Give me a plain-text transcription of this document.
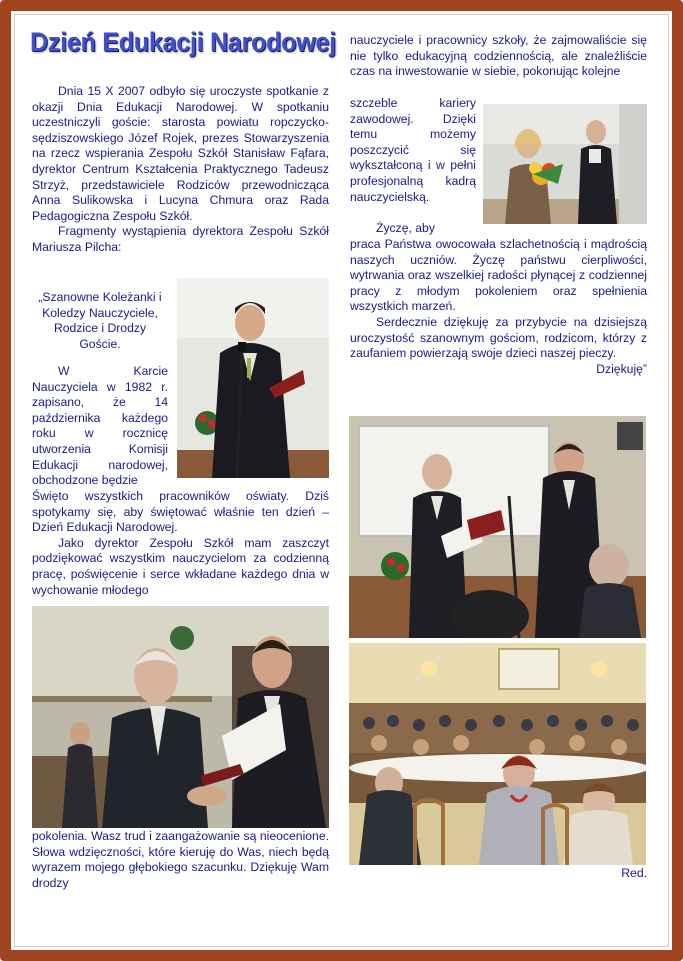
Dzień Edukacji Narodowej

Dnia 15 X 2007 odbyło się uroczyste spotkanie z okazji Dnia Edukacji Narodowej. W spotkaniu uczestniczyli goście: starosta powiatu ropczycko-sędziszowskiego Józef Rojek, prezes Stowarzyszenia na rzecz wspierania Zespołu Szkół Stanisław Fąfara, dyrektor Centrum Kształcenia Praktycznego Tadeusz Strzyż, przedstawiciele Rodziców przewodnicząca Anna Sulikowska i Lucyna Chmura oraz Rada Pedagogiczna Zespołu Szkół.

Fragmenty wystąpienia dyrektora Zespołu Szkół Mariusza Pilcha:

„Szanowne Koleżanki i Koledzy Nauczyciele, Rodzice i Drodzy Goście.

W Karcie Nauczyciela w 1982 r. zapisano, że 14 października każdego roku w rocznicę utworzenia Komisji Edukacji narodowej, obchodzone będzie

Święto wszystkich pracowników oświaty. Dziś spotykamy się, aby świętować właśnie ten dzień – Dzień Edukacji Narodowej.

Jako dyrektor Zespołu Szkół mam zaszczyt podziękować wszystkim nauczycielom za codzienną pracę, poświęcenie i serce wkładane każdego dnia w wychowanie młodego

pokolenia. Wasz trud i zaangażowanie są nieocenione. Słowa wdzięczności, które kieruję do Was, niech będą wyrazem mojego głębokiego szacunku. Dziękuję Wam drodzy
nauczyciele i pracownicy szkoły, że zajmowaliście się nie tylko edukacyjną codziennością, ale znaleźliście czas na inwestowanie w siebie, pokonując kolejne
szczeble kariery zawodowej. Dzięki temu możemy poszczycić się wykształconą i w pełni profesjonalną kadrą nauczycielską.

Życzę, aby

praca Państwa owocowała szlachetnością i mądrością naszych uczniów. Życzę państwu cierpliwości, wytrwania oraz wszelkiej radości płynącej z codziennej pracy z młodym pokoleniem oraz spełnienia wszystkich marzeń.

Serdecznie dziękuję za przybycie na dzisiejszą uroczystość szanownym gościom, rodzicom, którzy z zaufaniem powierzają swoje dzieci naszej pieczy.

Dziękuję”

Red.
